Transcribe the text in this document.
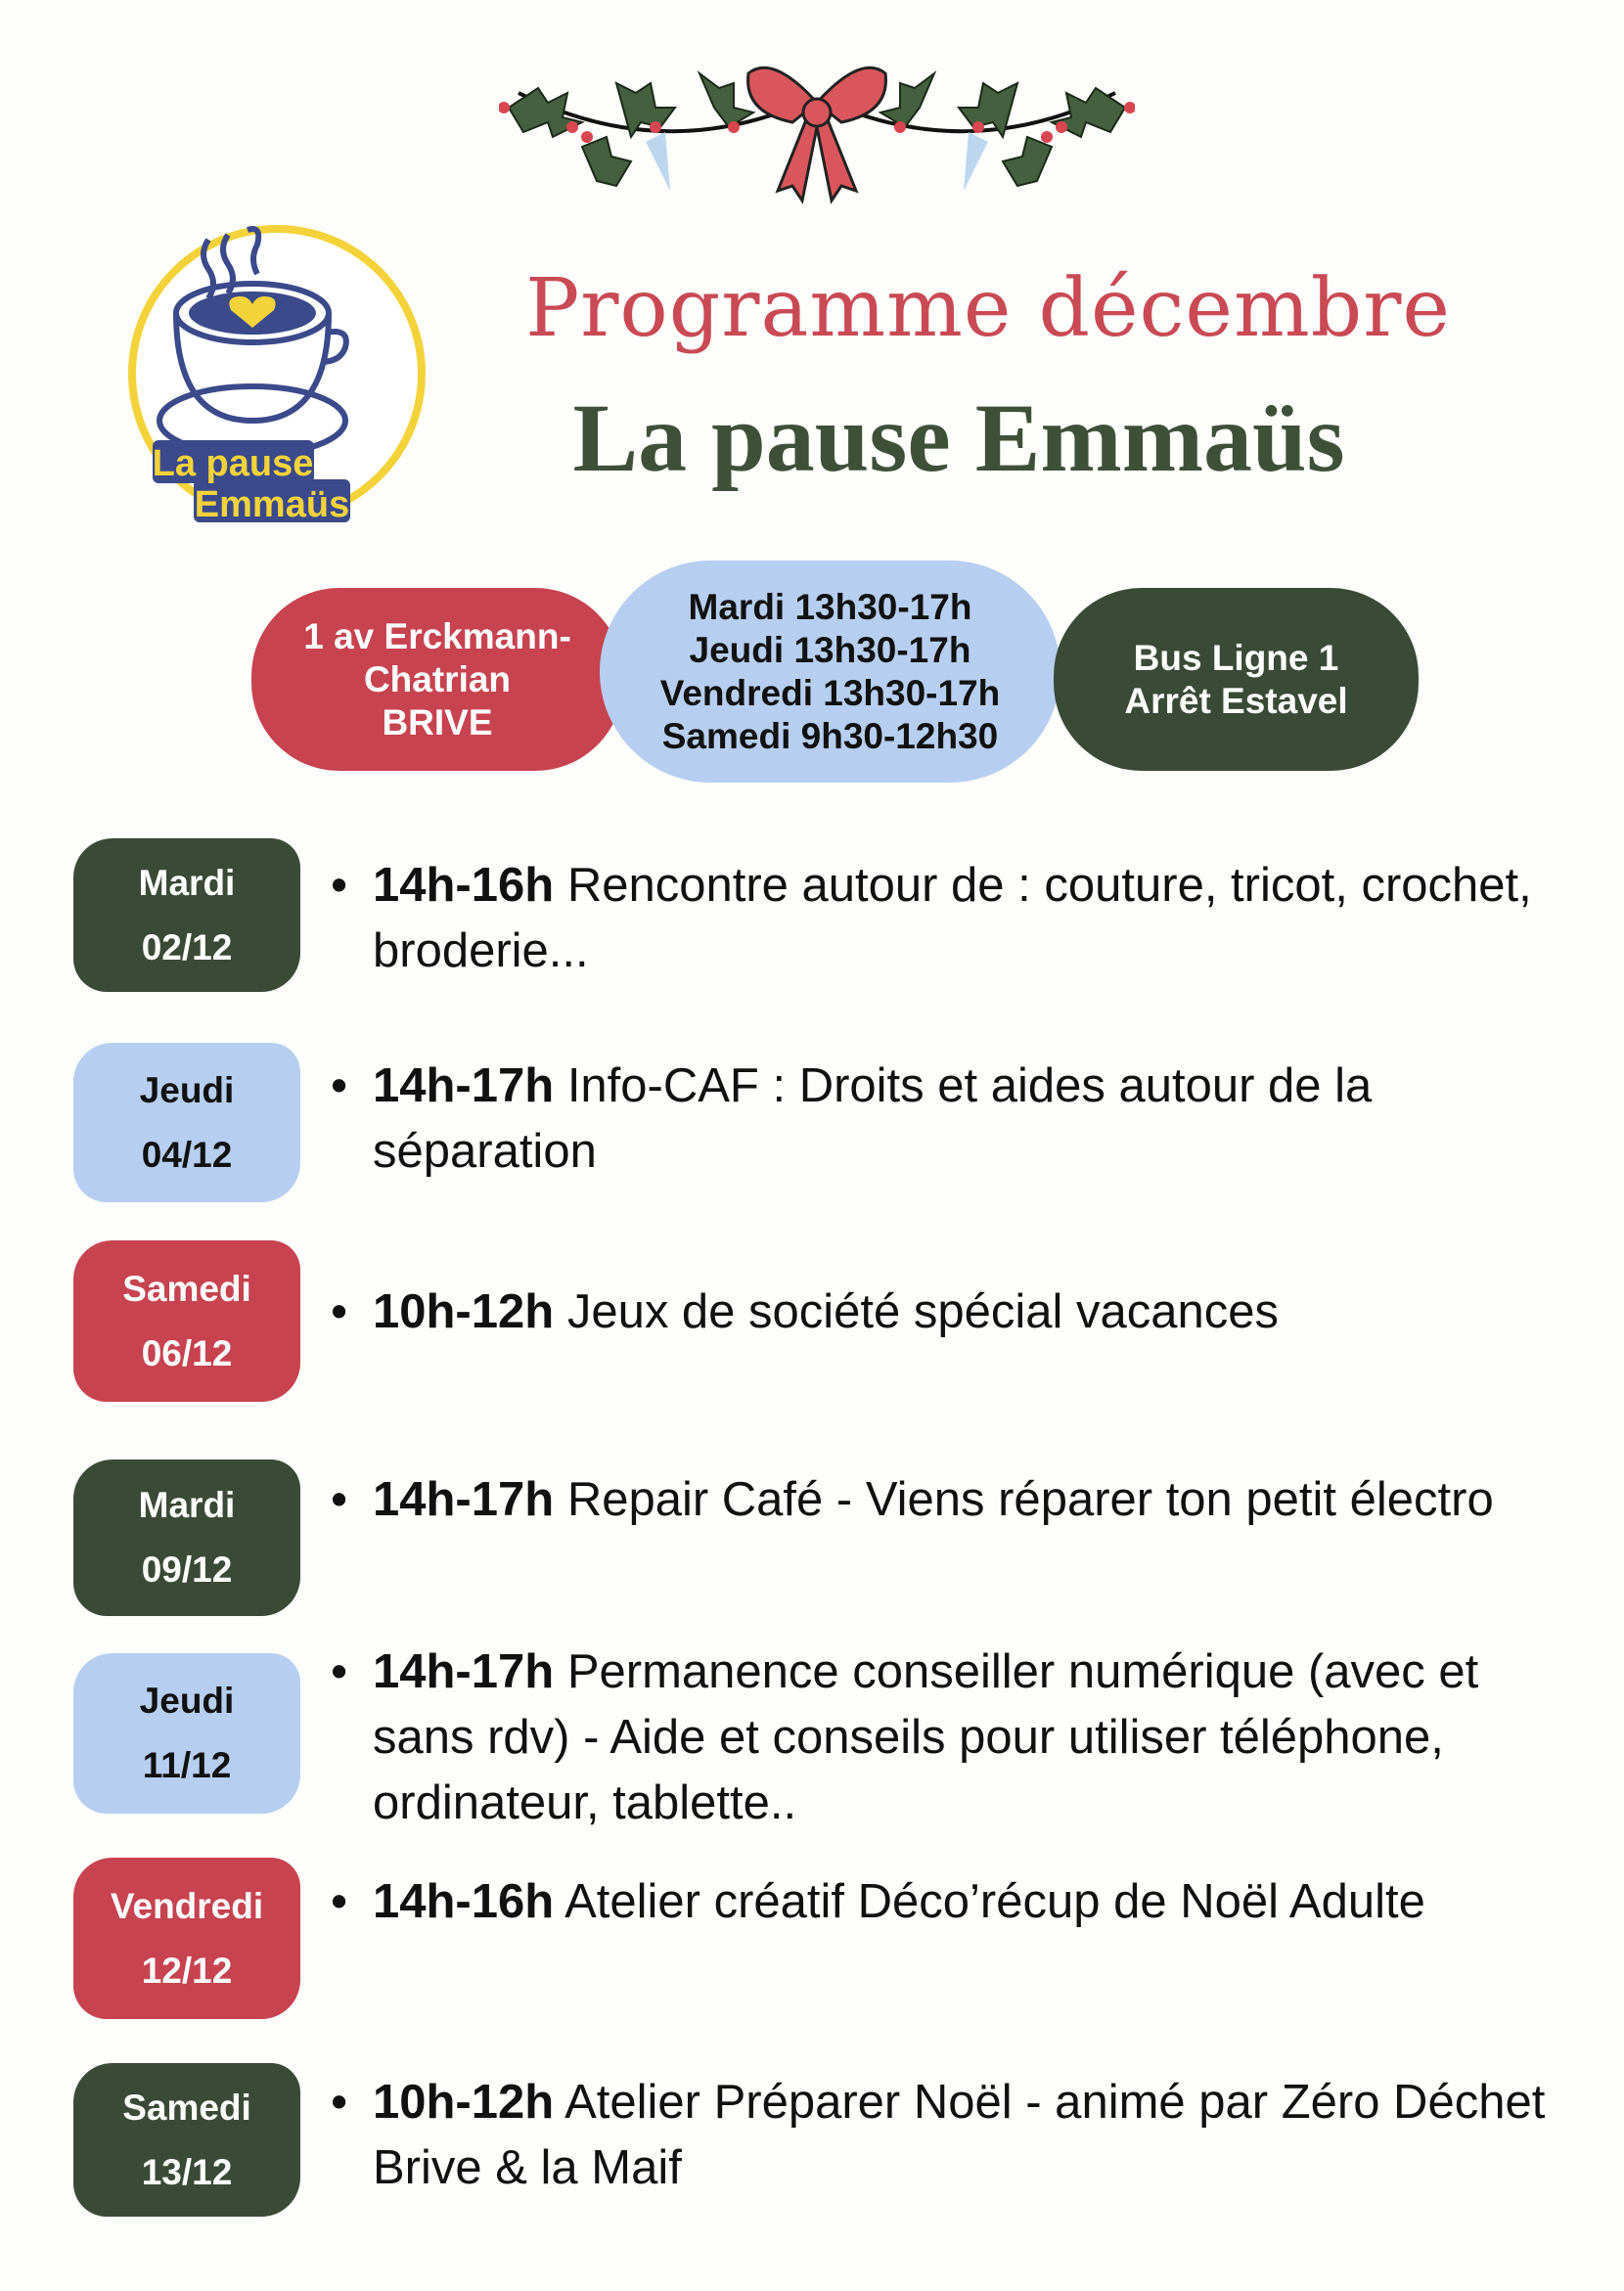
La pause
Emmaüs
Programme décembre
La pause Emmaüs
1 av Erckmann-
Chatrian
BRIVE
Mardi 13h30-17h
Jeudi 13h30-17h
Vendredi 13h30-17h
Samedi 9h30-12h30
Bus Ligne 1
Arrêt Estavel
Mardi
02/12
• 14h-16h Rencontre autour de : couture, tricot, crochet, broderie...
Jeudi
04/12
• 14h-17h Info-CAF : Droits et aides autour de la séparation
Samedi
06/12
• 10h-12h Jeux de société spécial vacances
Mardi
09/12
• 14h-17h Repair Café - Viens réparer ton petit électro
Jeudi
11/12
• 14h-17h Permanence conseiller numérique (avec et sans rdv) - Aide et conseils pour utiliser téléphone, ordinateur, tablette..
Vendredi
12/12
• 14h-16h Atelier créatif Déco’récup de Noël Adulte
Samedi
13/12
• 10h-12h Atelier Préparer Noël - animé par Zéro Déchet Brive & la Maif
